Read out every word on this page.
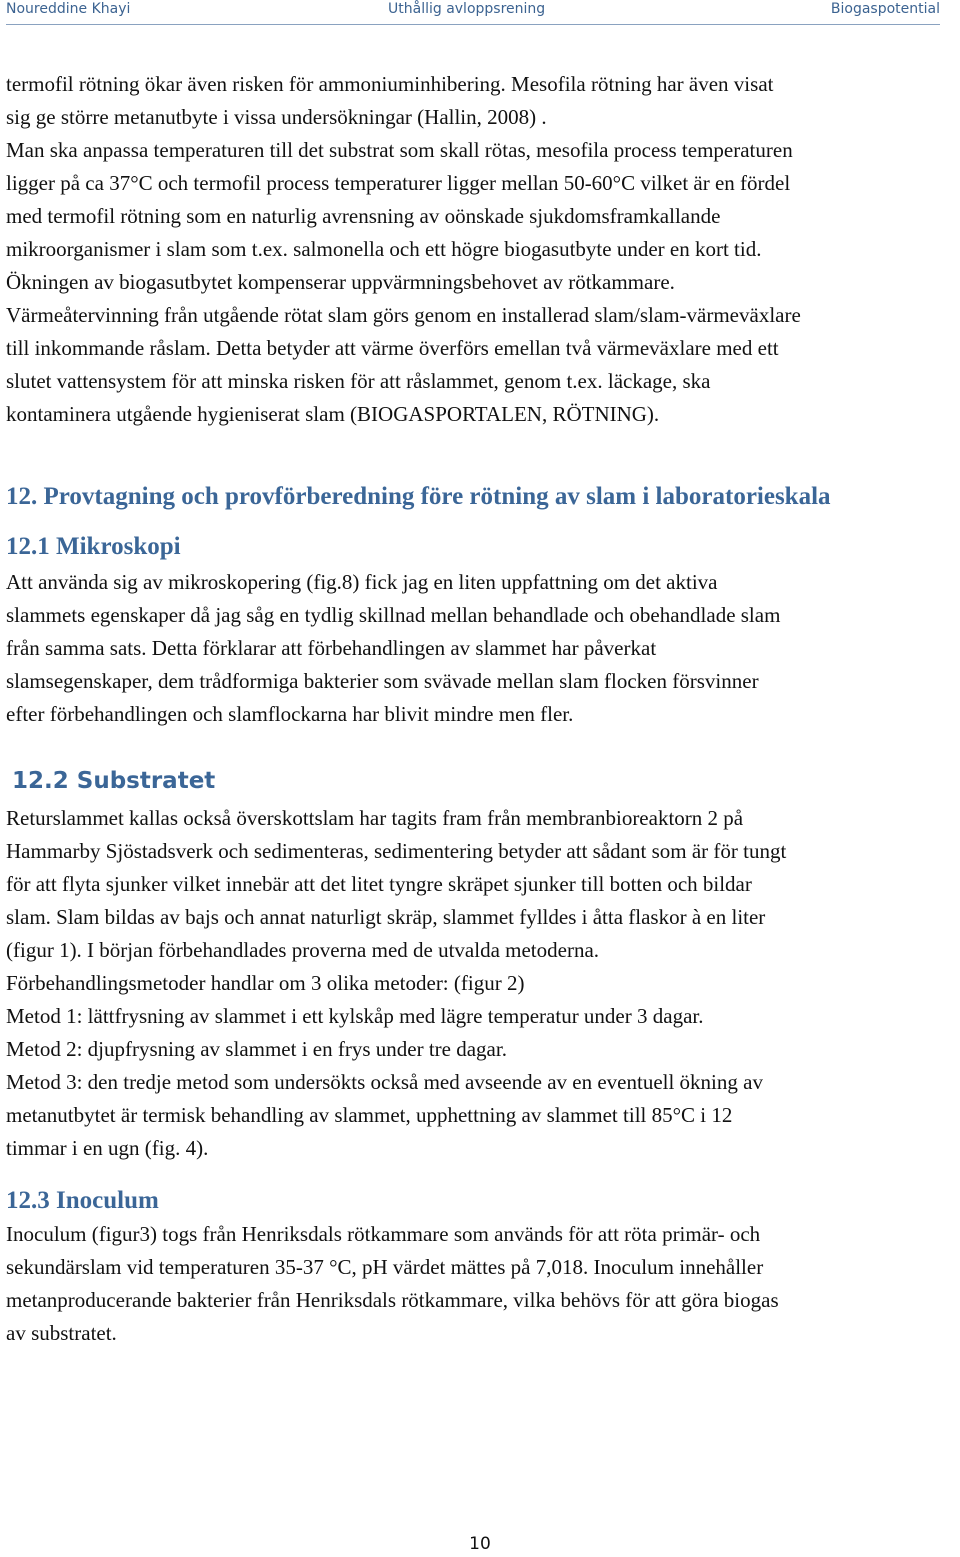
Noureddine Khayi	Uthållig avloppsrening	Biogaspotential
termofil rötning ökar även risken för ammoniuminhibering. Mesofila rötning har även visat
sig ge större metanutbyte i vissa undersökningar (Hallin, 2008) .
Man ska anpassa temperaturen till det substrat som skall rötas, mesofila process temperaturen
ligger på ca 37°C och termofil process temperaturer ligger mellan 50-60°C vilket är en fördel
med termofil rötning som en naturlig avrensning av oönskade sjukdomsframkallande
mikroorganismer i slam som t.ex. salmonella och ett högre biogasutbyte under en kort tid.
Ökningen av biogasutbytet kompenserar uppvärmningsbehovet av rötkammare.
Värmeåtervinning från utgående rötat slam görs genom en installerad slam/slam-värmeväxlare
till inkommande råslam. Detta betyder att värme överförs emellan två värmeväxlare med ett
slutet vattensystem för att minska risken för att råslammet, genom t.ex. läckage, ska
kontaminera utgående hygieniserat slam (BIOGASPORTALEN, RÖTNING).
12. Provtagning och provförberedning före rötning av slam i laboratorieskala
12.1 Mikroskopi
Att använda sig av mikroskopering (fig.8) fick jag en liten uppfattning om det aktiva
slammets egenskaper då jag såg en tydlig skillnad mellan behandlade och obehandlade slam
från samma sats. Detta förklarar att förbehandlingen av slammet har påverkat
slamsegenskaper, dem trådformiga bakterier som svävade mellan slam flocken försvinner
efter förbehandlingen och slamflockarna har blivit mindre men fler.
12.2 Substratet
Returslammet kallas också överskottslam har tagits fram från membranbioreaktorn 2 på
Hammarby Sjöstadsverk och sedimenteras, sedimentering betyder att sådant som är för tungt
för att flyta sjunker vilket innebär att det litet tyngre skräpet sjunker till botten och bildar
slam. Slam bildas av bajs och annat naturligt skräp, slammet fylldes i åtta flaskor à en liter
(figur 1). I början förbehandlades proverna med de utvalda metoderna.
Förbehandlingsmetoder handlar om 3 olika metoder: (figur 2)
Metod 1: lättfrysning av slammet i ett kylskåp med lägre temperatur under 3 dagar.
Metod 2: djupfrysning av slammet i en frys under tre dagar.
Metod 3: den tredje metod som undersökts också med avseende av en eventuell ökning av
metanutbytet är termisk behandling av slammet, upphettning av slammet till 85°C i 12
timmar i en ugn (fig. 4).
12.3 Inoculum
Inoculum (figur3) togs från Henriksdals rötkammare som används för att röta primär- och
sekundärslam vid temperaturen 35-37 °C, pH värdet mättes på 7,018. Inoculum innehåller
metanproducerande bakterier från Henriksdals rötkammare, vilka behövs för att göra biogas
av substratet.
10
